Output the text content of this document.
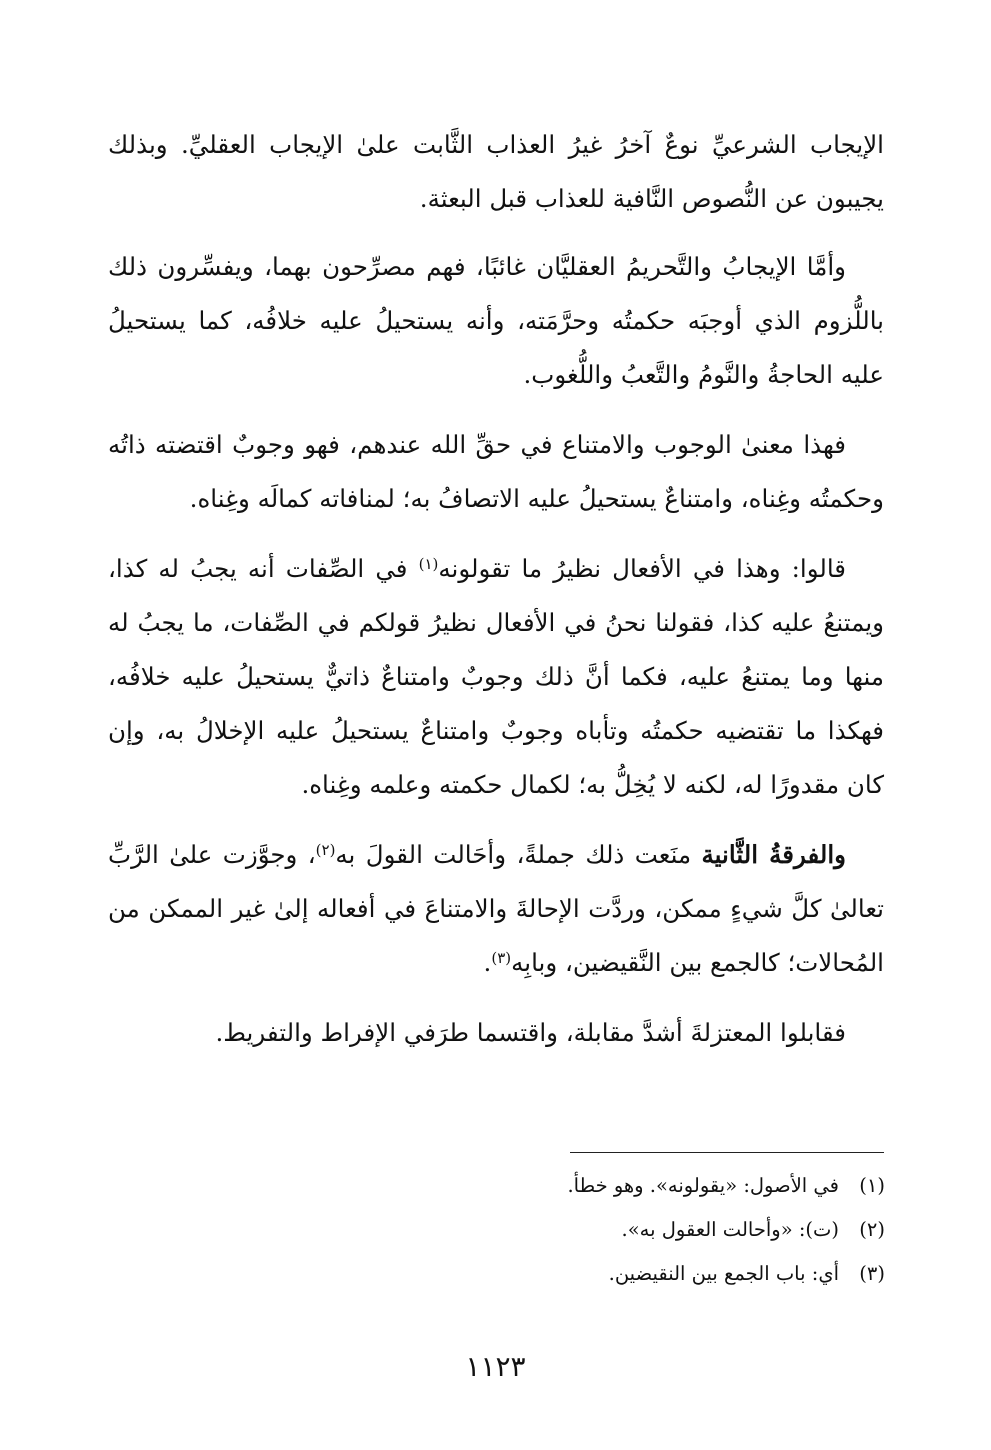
الإيجاب الشرعيِّ نوعٌ آخرُ غيرُ العذاب الثَّابت علىٰ الإيجاب العقليِّ. وبذلك يجيبون عن النُّصوص النَّافية للعذاب قبل البعثة.

وأمَّا الإيجابُ والتَّحريمُ العقليَّان غائبًا، فهم مصرِّحون بهما، ويفسِّرون ذلك باللُّزوم الذي أوجبَه حكمتُه وحرَّمَته، وأنه يستحيلُ عليه خلافُه، كما يستحيلُ عليه الحاجةُ والنَّومُ والتَّعبُ واللُّغوب.

فهذا معنىٰ الوجوب والامتناع في حقِّ الله عندهم، فهو وجوبٌ اقتضته ذاتُه وحكمتُه وغِناه، وامتناعٌ يستحيلُ عليه الاتصافُ به؛ لمنافاته كمالَه وغِناه.

قالوا: وهذا في الأفعال نظيرُ ما تقولونه$^{(١)}$ في الصِّفات أنه يجبُ له كذا، ويمتنعُ عليه كذا، فقولنا نحنُ في الأفعال نظيرُ قولكم في الصِّفات، ما يجبُ له منها وما يمتنعُ عليه، فكما أنَّ ذلك وجوبٌ وامتناعٌ ذاتيٌّ يستحيلُ عليه خلافُه، فهكذا ما تقتضيه حكمتُه وتأباه وجوبٌ وامتناعٌ يستحيلُ عليه الإخلالُ به، وإن كان مقدورًا له، لكنه لا يُخِلُّ به؛ لكمال حكمته وعلمه وغِناه.

والفرقةُ الثَّانية منَعت ذلك جملةً، وأحَالت القولَ به$^{(٢)}$، وجوَّزت علىٰ الرَّبِّ تعالىٰ كلَّ شيءٍ ممكن، وردَّت الإحالةَ والامتناعَ في أفعاله إلىٰ غير الممكن من المُحالات؛ كالجمع بين النَّقيضين، وبابِه$^{(٣)}$.

فقابلوا المعتزلةَ أشدَّ مقابلة، واقتسما طرَفي الإفراط والتفريط.

(١)
في الأصول: «يقولونه». وهو خطأ.
(٢)
(ت): «وأحالت العقول به».
(٣)
أي: باب الجمع بين النقيضين.
١١٢٣
